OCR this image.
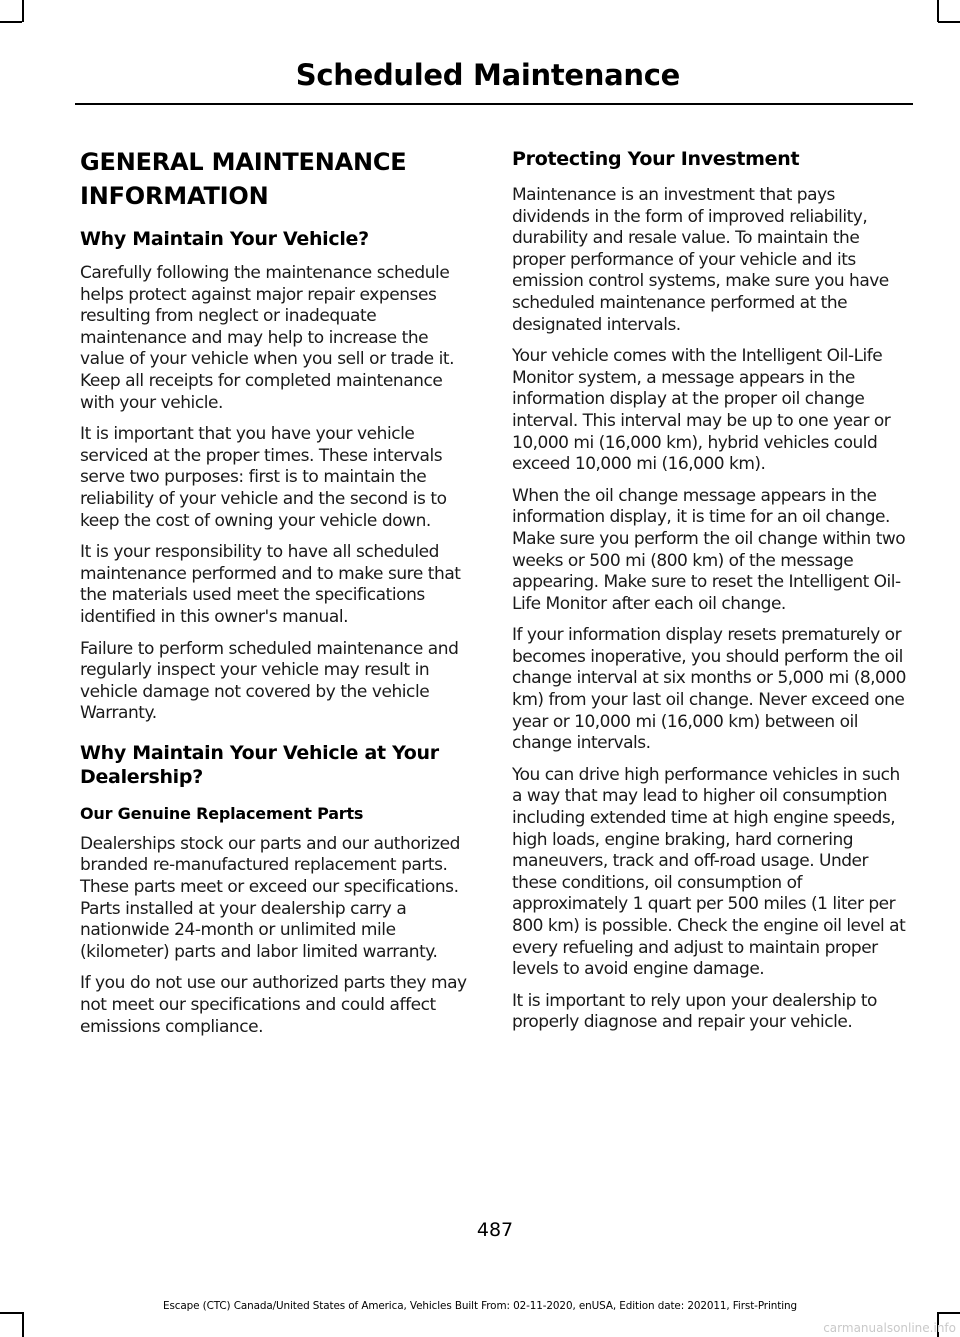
Scheduled Maintenance
GENERAL MAINTENANCE
INFORMATION
Why Maintain Your Vehicle?

Carefully following the maintenance schedule helps protect against major repair expenses resulting from neglect or inadequate maintenance and may help to increase the value of your vehicle when you sell or trade it. Keep all receipts for completed maintenance with your vehicle.

It is important that you have your vehicle serviced at the proper times. These intervals serve two purposes: first is to maintain the reliability of your vehicle and the second is to keep the cost of owning your vehicle down.

It is your responsibility to have all scheduled maintenance performed and to make sure that the materials used meet the specifications identified in this owner's manual.

Failure to perform scheduled maintenance and regularly inspect your vehicle may result in vehicle damage not covered by the vehicle Warranty.

Why Maintain Your Vehicle at Your Dealership?
Our Genuine Replacement Parts

Dealerships stock our parts and our authorized branded re-manufactured replacement parts. These parts meet or exceed our specifications. Parts installed at your dealership carry a nationwide 24-month or unlimited mile (kilometer) parts and labor limited warranty.

If you do not use our authorized parts they may not meet our specifications and could affect emissions compliance.

Protecting Your Investment

Maintenance is an investment that pays dividends in the form of improved reliability, durability and resale value. To maintain the proper performance of your vehicle and its emission control systems, make sure you have scheduled maintenance performed at the designated intervals.

Your vehicle comes with the Intelligent Oil-Life Monitor system, a message appears in the information display at the proper oil change interval. This interval may be up to one year or 10,000 mi (16,000 km), hybrid vehicles could exceed 10,000 mi (16,000 km).

When the oil change message appears in the information display, it is time for an oil change. Make sure you perform the oil change within two weeks or 500 mi (800 km) of the message appearing. Make sure to reset the Intelligent Oil-Life Monitor after each oil change.

If your information display resets prematurely or becomes inoperative, you should perform the oil change interval at six months or 5,000 mi (8,000 km) from your last oil change. Never exceed one year or 10,000 mi (16,000 km) between oil change intervals.

You can drive high performance vehicles in such a way that may lead to higher oil consumption including extended time at high engine speeds, high loads, engine braking, hard cornering maneuvers, track and off-road usage. Under these conditions, oil consumption of approximately 1 quart per 500 miles (1 liter per 800 km) is possible. Check the engine oil level at every refueling and adjust to maintain proper levels to avoid engine damage.

It is important to rely upon your dealership to properly diagnose and repair your vehicle.

487
Escape (CTC) Canada/United States of America, Vehicles Built From: 02-11-2020, enUSA, Edition date: 202011, First-Printing
carmanualsonline.info
